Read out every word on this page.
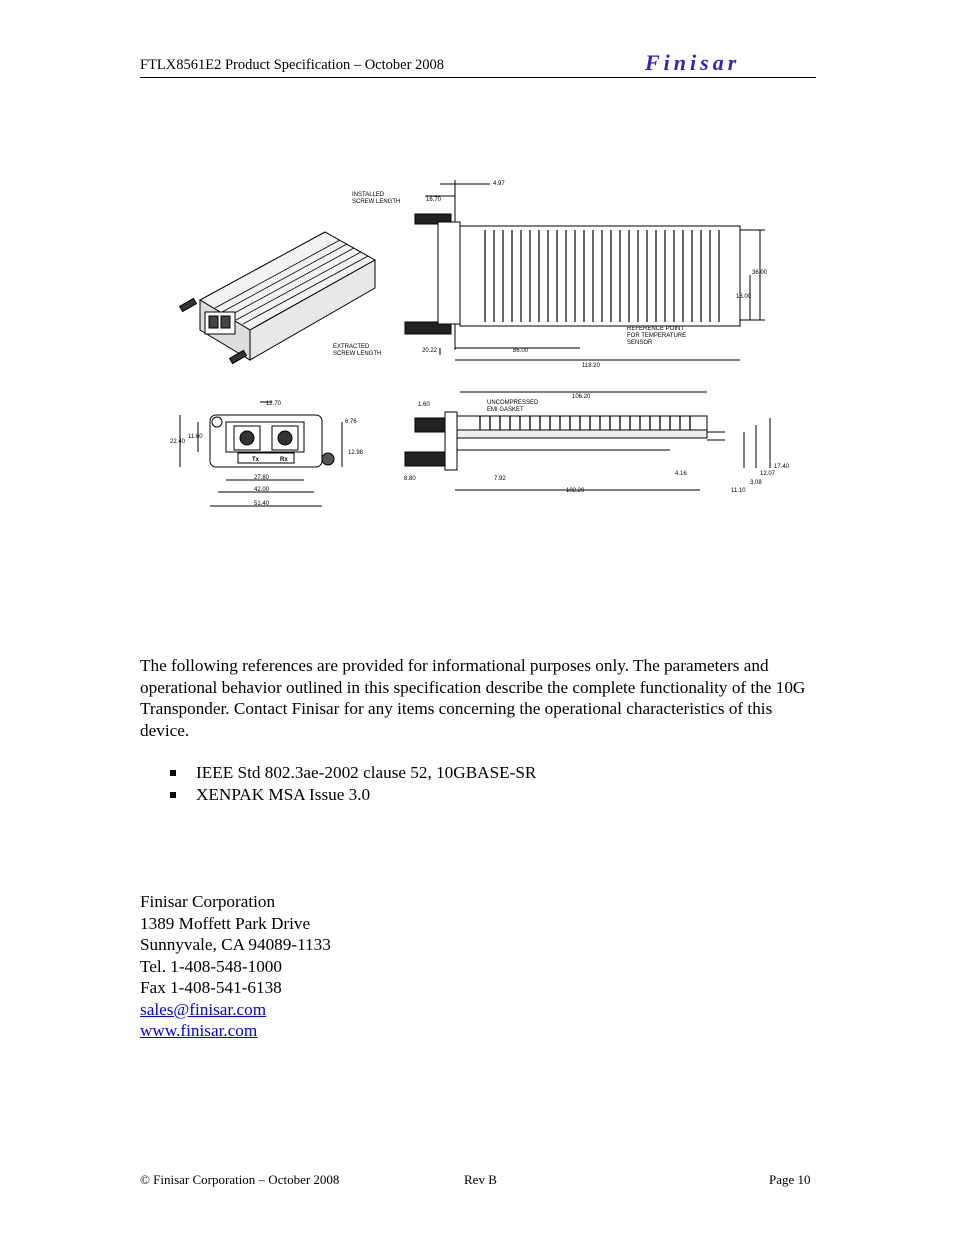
FTLX8561E2 Product Specification – October 2008	Finisar
INSTALLED SCREW LENGTH
EXTRACTED SCREW LENGTH
REFERENCE POINT FOR TEMPERATURE SENSOR
UNCOMPRESSED EMI GASKET
Tx	Rx
4.97
16.70
36.00
18.00
20.22	86.00
118.20
12.70
11.60
22.40
6.76
12.98
27.80
42.00
51.40
1.60
106.20
8.80	7.92
102.20
4.16
11.10
17.40
12.07
3.08
The following references are provided for informational purposes only. The parameters and operational behavior outlined in this specification describe the complete functionality of the 10G Transponder. Contact Finisar for any items concerning the operational characteristics of this device.
IEEE Std 802.3ae-2002 clause 52, 10GBASE-SR
XENPAK MSA Issue 3.0
Finisar Corporation
1389 Moffett Park Drive
Sunnyvale, CA 94089-1133
Tel. 1-408-548-1000
Fax 1-408-541-6138
sales@finisar.com
www.finisar.com
© Finisar Corporation – October 2008	Rev B	Page 10
